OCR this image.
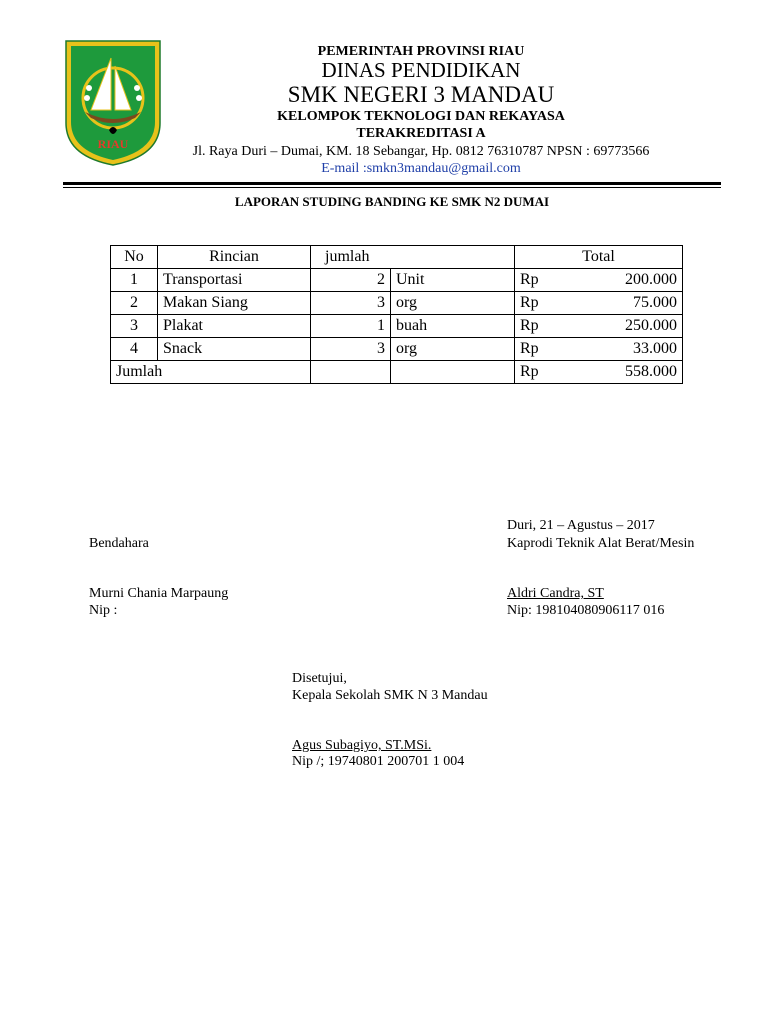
RIAU
PEMERINTAH PROVINSI RIAU
DINAS PENDIDIKAN
SMK NEGERI 3 MANDAU
KELOMPOK TEKNOLOGI DAN REKAYASA
TERAKREDITASI A
Jl. Raya Duri – Dumai, KM. 18 Sebangar, Hp. 0812 76310787 NPSN : 69773566
E-mail :smkn3mandau@gmail.com
LAPORAN STUDING BANDING KE SMK N2 DUMAI
No	Rincian	jumlah		Total
1	Transportasi	2	Unit	Rp 200.000

2	Makan Siang	3	org	Rp 75.000

3	Plakat	1	buah	Rp 250.000

4	Snack	3	org	Rp 33.000

Jumlah				Rp 558.000
Duri, 21 – Agustus – 2017
Bendahara	Kaprodi Teknik Alat Berat/Mesin
Murni Chania Marpaung
Nip :
Aldri Candra, ST
Nip: 198104080906117 016
Disetujui,
Kepala Sekolah SMK N 3 Mandau
Agus Subagiyo, ST.MSi.
Nip /; 19740801 200701 1 004
